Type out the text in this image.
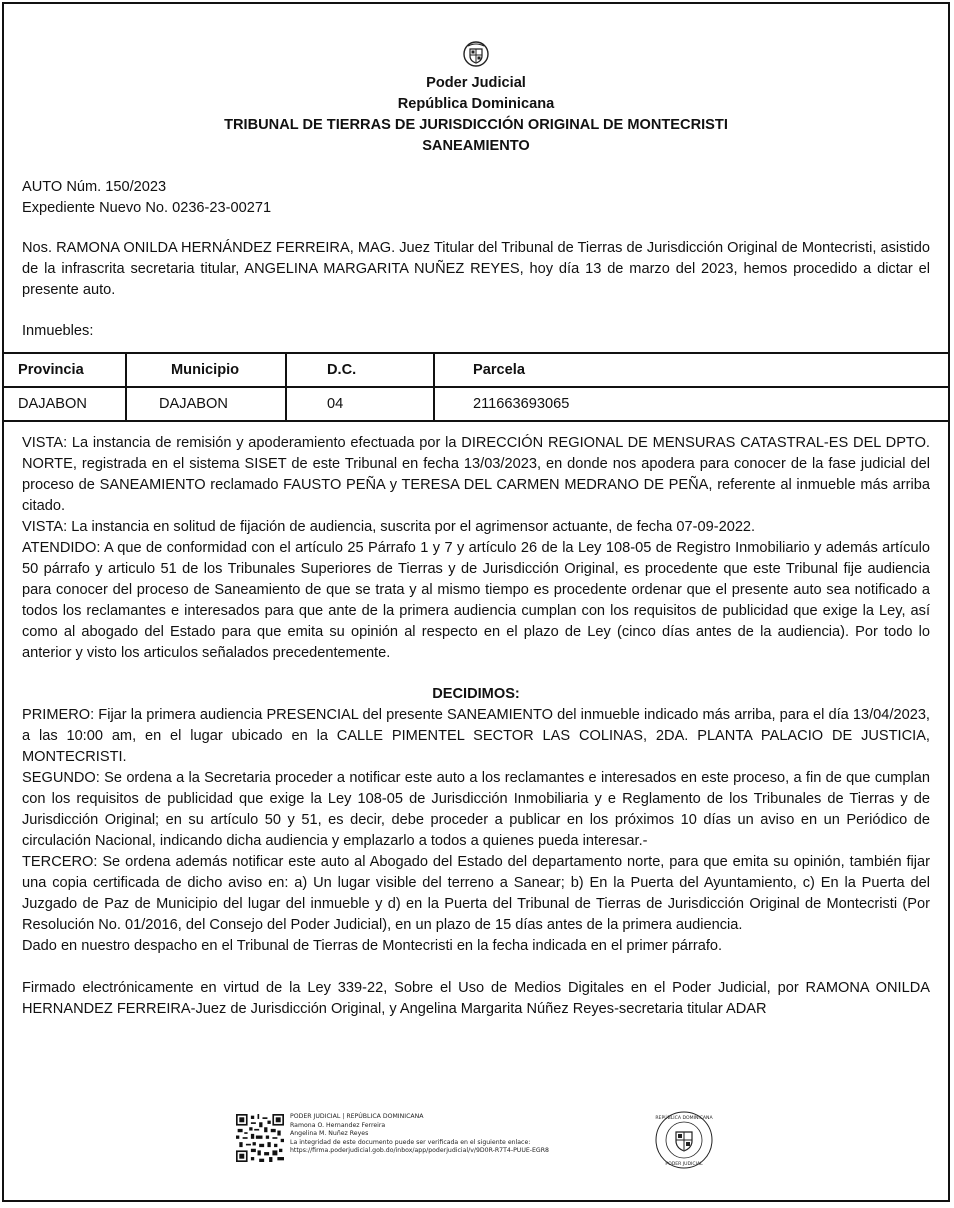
Poder Judicial
República Dominicana
TRIBUNAL DE TIERRAS DE JURISDICCIÓN ORIGINAL DE MONTECRISTI
SANEAMIENTO
AUTO Núm. 150/2023
Expediente Nuevo No. 0236-23-00271
Nos. RAMONA ONILDA HERNÁNDEZ FERREIRA, MAG. Juez Titular del Tribunal de Tierras de Jurisdicción Original de Montecristi, asistido de la infrascrita secretaria titular, ANGELINA MARGARITA NUÑEZ REYES, hoy día 13 de marzo del 2023, hemos procedido a dictar el presente auto.
Inmuebles:
Provincia	Municipio	D.C.	Parcela
DAJABON	DAJABON	04	211663693065

VISTA: La instancia de remisión y apoderamiento efectuada por la DIRECCIÓN REGIONAL DE MENSURAS CATASTRAL-ES DEL DPTO. NORTE, registrada en el sistema SISET de este Tribunal en fecha 13/03/2023, en donde nos apodera para conocer de la fase judicial del proceso de SANEAMIENTO reclamado FAUSTO PEÑA y TERESA DEL CARMEN MEDRANO DE PEÑA, referente al inmueble más arriba citado.

VISTA: La instancia en solitud de fijación de audiencia, suscrita por el agrimensor actuante, de fecha 07-09-2022.

ATENDIDO: A que de conformidad con el artículo 25 Párrafo 1 y 7 y artículo 26 de la Ley 108-05 de Registro Inmobiliario y además artículo 50 párrafo y articulo 51 de los Tribunales Superiores de Tierras y de Jurisdicción Original, es procedente que este Tribunal fije audiencia para conocer del proceso de Saneamiento de que se trata y al mismo tiempo es procedente ordenar que el presente auto sea notificado a todos los reclamantes e interesados para que ante de la primera audiencia cumplan con los requisitos de publicidad que exige la Ley, así como al abogado del Estado para que emita su opinión al respecto en el plazo de Ley (cinco días antes de la audiencia). Por todo lo anterior y visto los articulos señalados precedentemente.

DECIDIMOS:

PRIMERO: Fijar la primera audiencia PRESENCIAL del presente SANEAMIENTO del inmueble indicado más arriba, para el día 13/04/2023, a las 10:00 am, en el lugar ubicado en la CALLE PIMENTEL SECTOR LAS COLINAS, 2DA. PLANTA PALACIO DE JUSTICIA, MONTECRISTI.

SEGUNDO: Se ordena a la Secretaria proceder a notificar este auto a los reclamantes e interesados en este proceso, a fin de que cumplan con los requisitos de publicidad que exige la Ley 108-05 de Jurisdicción Inmobiliaria y e Reglamento de los Tribunales de Tierras y de Jurisdicción Original; en su artículo 50 y 51, es decir, debe proceder a publicar en los próximos 10 días un aviso en un Periódico de circulación Nacional, indicando dicha audiencia y emplazarlo a todos a quienes pueda interesar.-

TERCERO: Se ordena además notificar este auto al Abogado del Estado del departamento norte, para que emita su opinión, también fijar una copia certificada de dicho aviso en: a) Un lugar visible del terreno a Sanear; b) En la Puerta del Ayuntamiento, c) En la Puerta del Juzgado de Paz de Municipio del lugar del inmueble y d) en la Puerta del Tribunal de Tierras de Jurisdicción Original de Montecristi (Por Resolución No. 01/2016, del Consejo del Poder Judicial), en un plazo de 15 días antes de la primera audiencia.

Dado en nuestro despacho en el Tribunal de Tierras de Montecristi en la fecha indicada en el primer párrafo.

Firmado electrónicamente en virtud de la Ley 339-22, Sobre el Uso de Medios Digitales en el Poder Judicial, por RAMONA ONILDA HERNANDEZ FERREIRA-Juez de Jurisdicción Original, y Angelina Margarita Núñez Reyes-secretaria titular ADAR
PODER JUDICIAL | REPÚBLICA DOMINICANA
Ramona O. Hernandez Ferreira
Angelina M. Nuñez Reyes
La integridad de este documento puede ser verificada en el siguiente enlace:
https://firma.poderjudicial.gob.do/inbox/app/poderjudicial/v/9D0R-R7T4-PUUE-EGR8
REPÚBLICA DOMINICANA
PODER JUDICIAL
